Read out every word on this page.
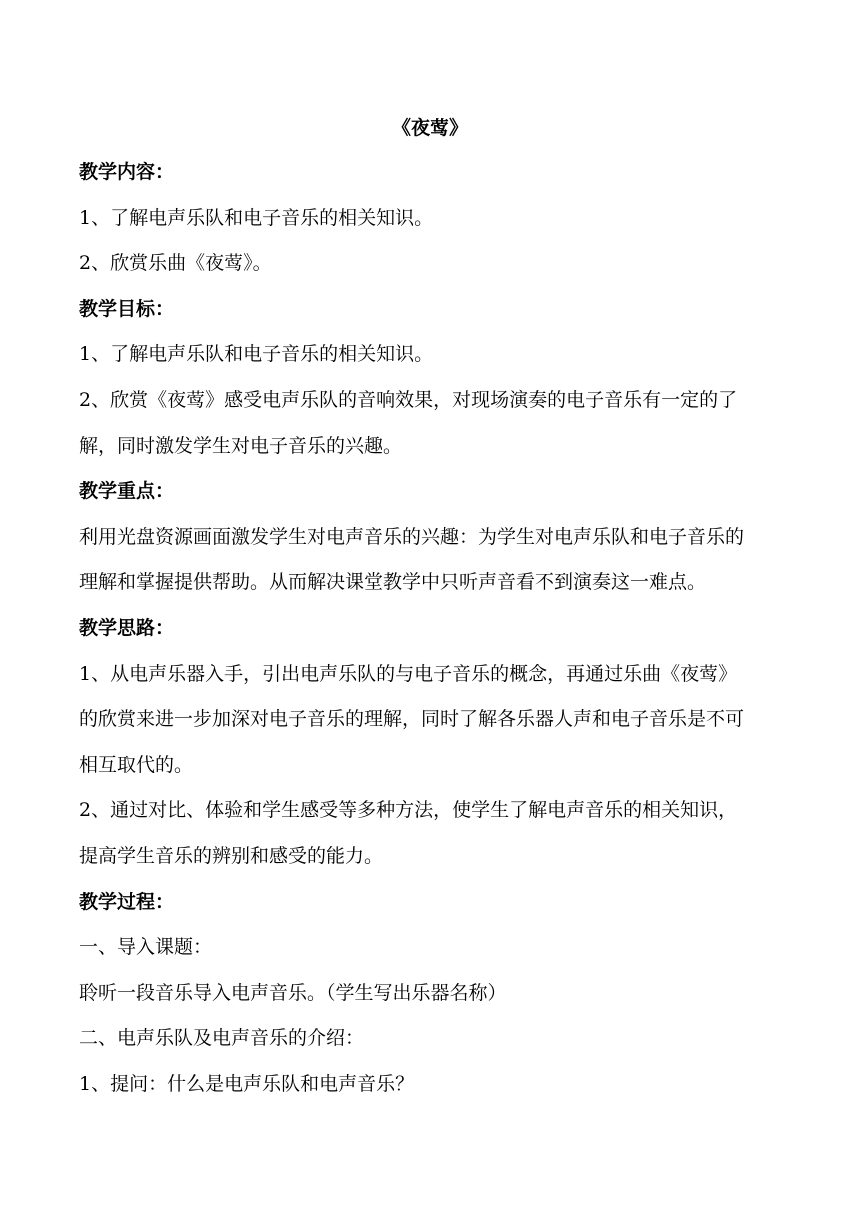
《夜莺》
教学内容：
1、了解电声乐队和电子音乐的相关知识。
2、欣赏乐曲《夜莺》。
教学目标：
1、了解电声乐队和电子音乐的相关知识。
2、欣赏《夜莺》感受电声乐队的音响效果，对现场演奏的电子音乐有一定的了
解，同时激发学生对电子音乐的兴趣。
教学重点：
利用光盘资源画面激发学生对电声音乐的兴趣：为学生对电声乐队和电子音乐的
理解和掌握提供帮助。从而解决课堂教学中只听声音看不到演奏这一难点。
教学思路：
1、从电声乐器入手，引出电声乐队的与电子音乐的概念，再通过乐曲《夜莺》
的欣赏来进一步加深对电子音乐的理解，同时了解各乐器人声和电子音乐是不可
相互取代的。
2、通过对比、体验和学生感受等多种方法，使学生了解电声音乐的相关知识，
提高学生音乐的辨别和感受的能力。
教学过程：
一、导入课题：
聆听一段音乐导入电声音乐。（学生写出乐器名称）
二、电声乐队及电声音乐的介绍：
1、提问：什么是电声乐队和电声音乐？
